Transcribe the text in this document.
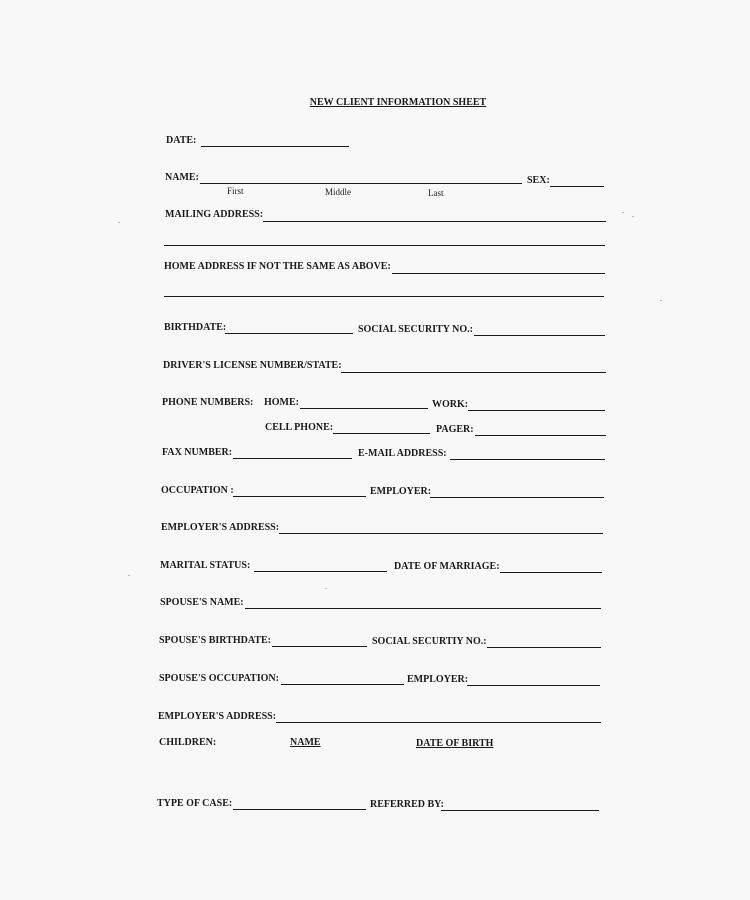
NEW CLIENT INFORMATION SHEET
DATE:
NAME:
First	Middle	Last
SEX:
MAILING ADDRESS:
HOME ADDRESS IF NOT THE SAME AS ABOVE:
BIRTHDATE:	SOCIAL SECURITY NO.:
DRIVER'S LICENSE NUMBER/STATE:
PHONE NUMBERS: HOME:	WORK:
CELL PHONE:	PAGER:
FAX NUMBER:	E-MAIL ADDRESS:
OCCUPATION :	EMPLOYER:
EMPLOYER'S ADDRESS:
MARITAL STATUS:	DATE OF MARRIAGE:
SPOUSE'S NAME:
SPOUSE'S BIRTHDATE:	SOCIAL SECURTIY NO.:
SPOUSE'S OCCUPATION:	EMPLOYER:
EMPLOYER'S ADDRESS:
CHILDREN:	NAME	DATE OF BIRTH
TYPE OF CASE:	REFERRED BY:
